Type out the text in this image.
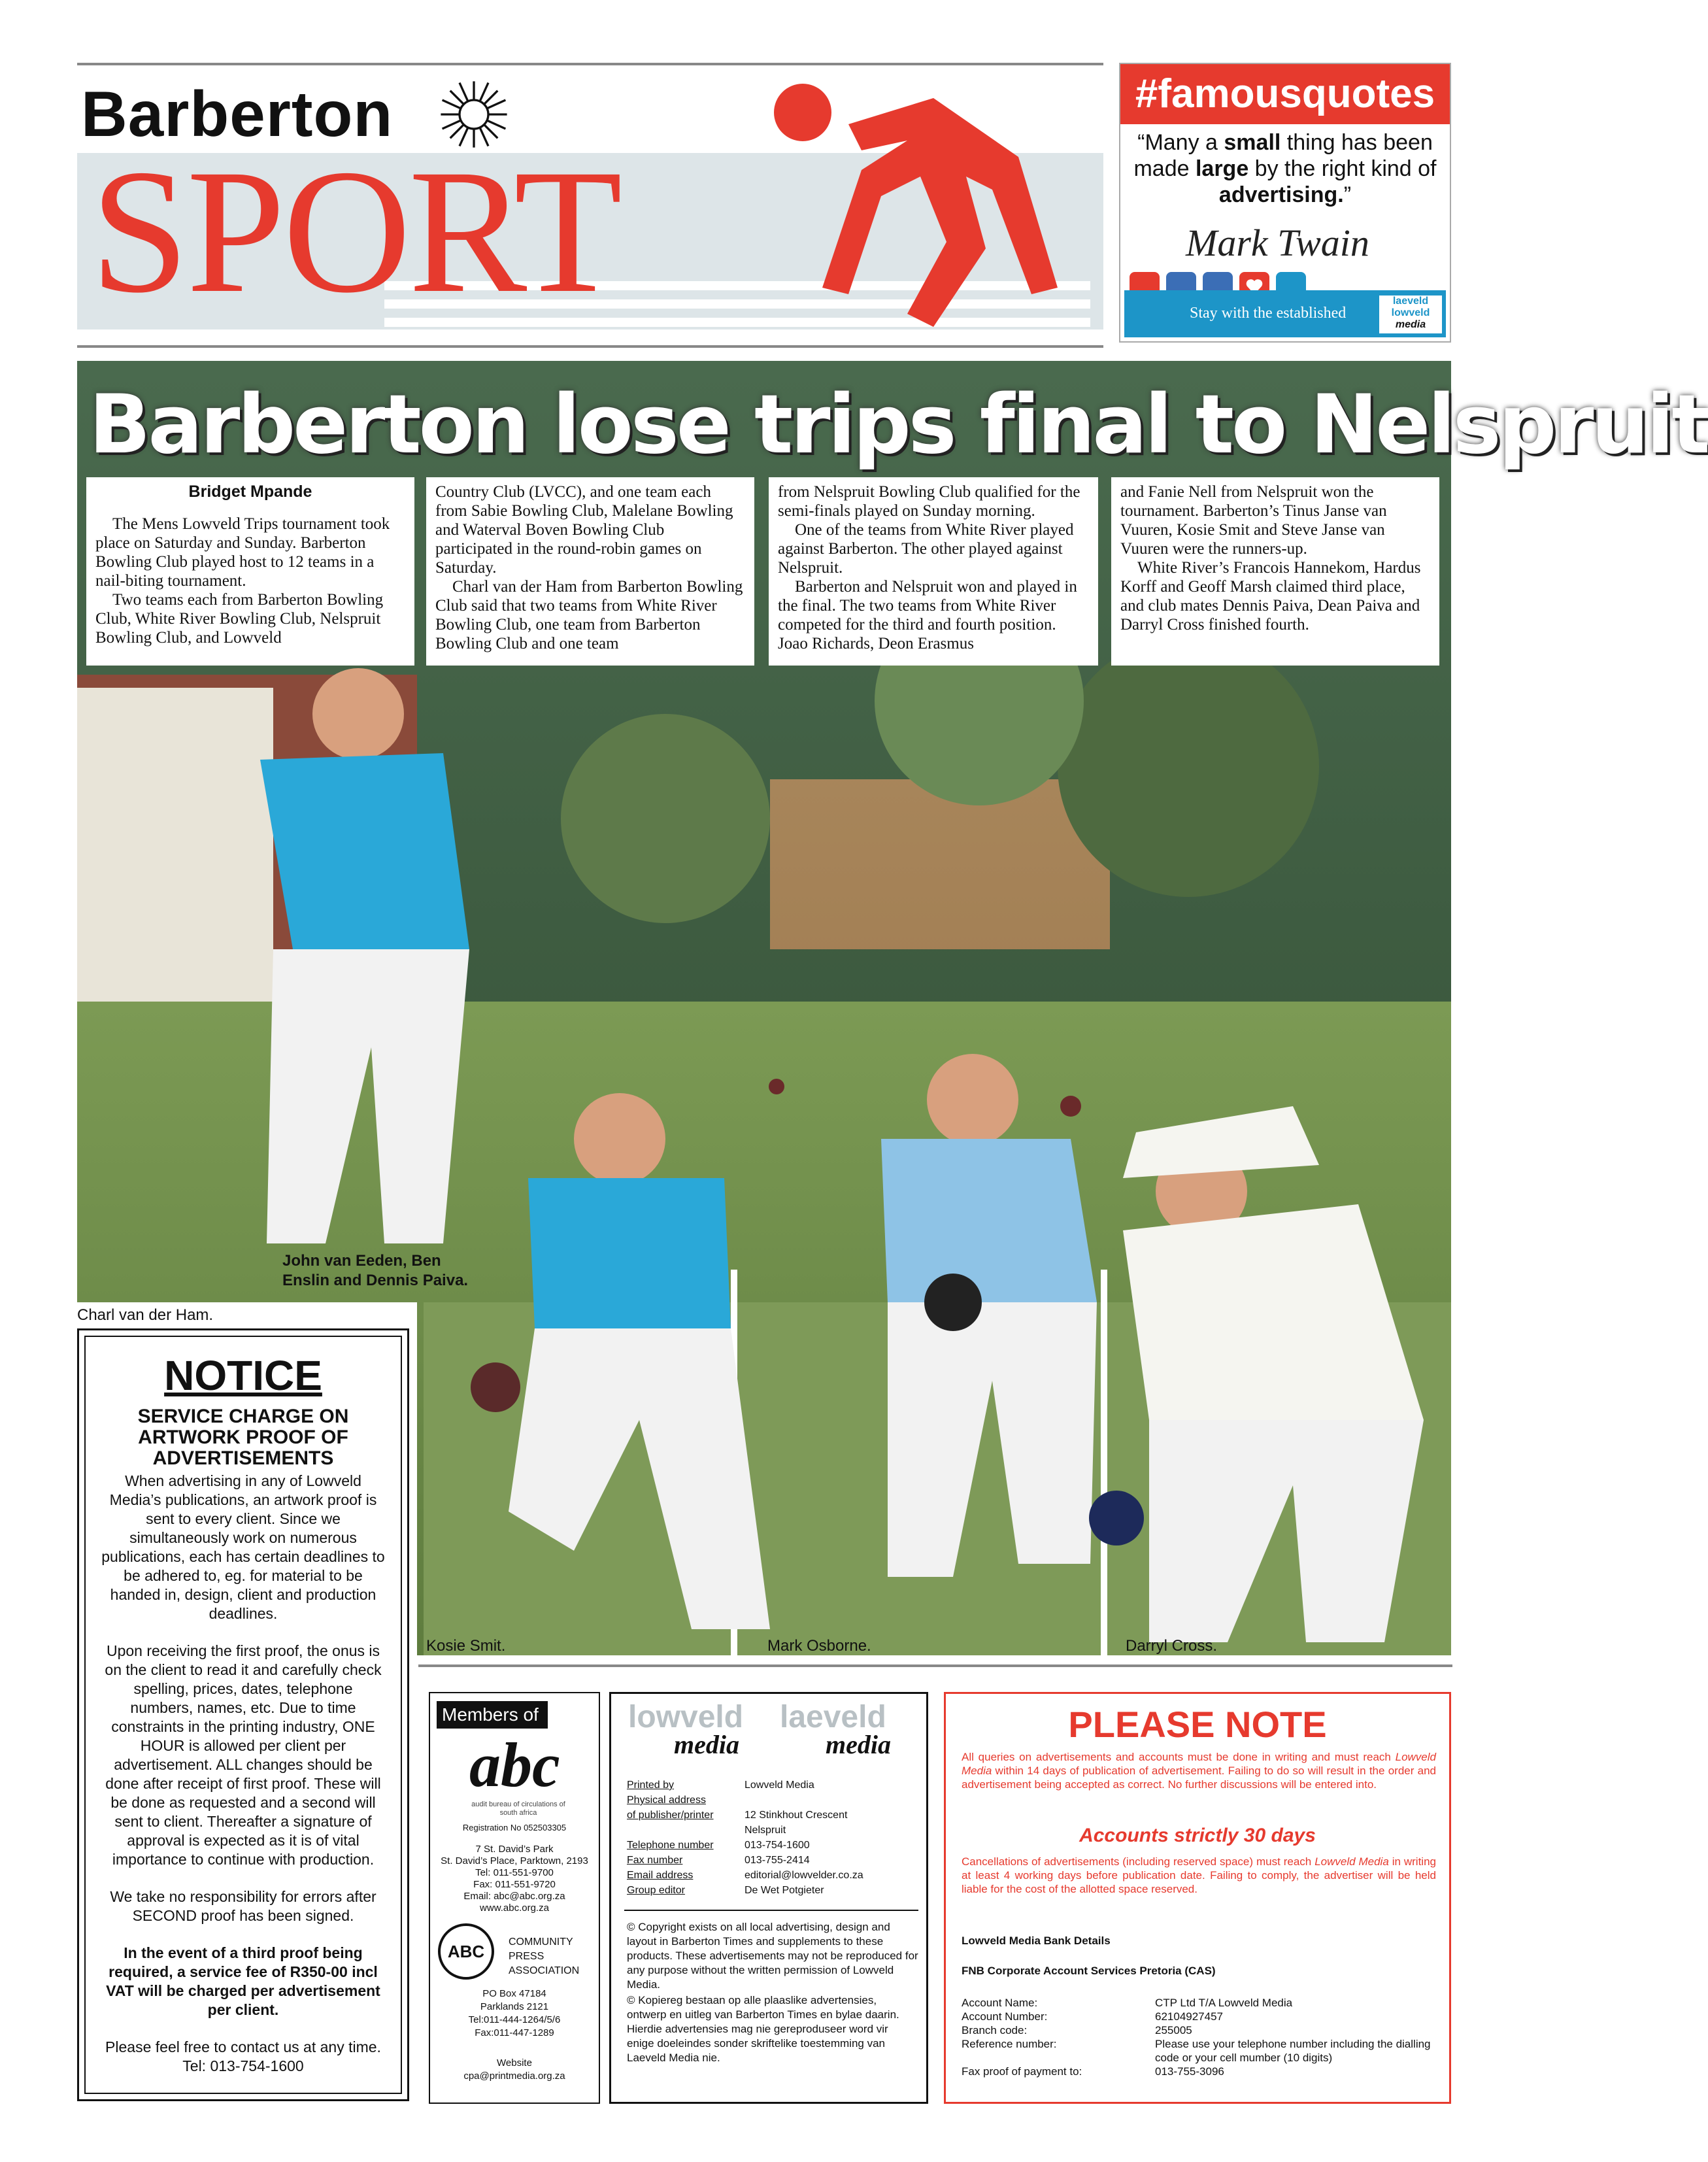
Barberton
SPORT
#famousquotes
“Many a small thing has been made large by the right kind of advertising.”
Mark Twain
Stay with the established
laeveld
lowveld
media
Barberton lose trips final to Nelspruit
Bridget Mpande

The Mens Lowveld Trips tournament took place on Saturday and Sunday. Barberton Bowling Club played host to 12 teams in a nail-biting tournament.

Two teams each from Barberton Bowling Club, White River Bowling Club, Nelspruit Bowling Club, and Lowveld

Country Club (LVCC), and one team each from Sabie Bowling Club, Malelane Bowling and Waterval Boven Bowling Club participated in the round-robin games on Saturday.

Charl van der Ham from Barberton Bowling Club said that two teams from White River Bowling Club, one team from Barberton Bowling Club and one team

from Nelspruit Bowling Club qualified for the semi-finals played on Sunday morning.

One of the teams from White River played against Barberton. The other played against Nelspruit.

Barberton and Nelspruit won and played in the final. The two teams from White River competed for the third and fourth position. Joao Richards, Deon Erasmus

and Fanie Nell from Nelspruit won the tournament. Barberton’s Tinus Janse van Vuuren, Kosie Smit and Steve Janse van Vuuren were the runners-up.

White River’s Francois Hannekom, Hardus Korff and Geoff Marsh claimed third place, and club mates Dennis Paiva, Dean Paiva and Darryl Cross finished fourth.

John van Eeden, Ben Enslin and Dennis Paiva.
Charl van der Ham.
Kosie Smit.	Mark Osborne.	Darryl Cross.
NOTICE
SERVICE CHARGE ON ARTWORK PROOF OF ADVERTISEMENTS
When advertising in any of Lowveld Media’s publications, an artwork proof is sent to every client. Since we simultaneously work on numerous publications, each has certain deadlines to be adhered to, eg. for material to be handed in, design, client and production deadlines.
Upon receiving the first proof, the onus is on the client to read it and carefully check spelling, prices, dates, telephone numbers, names, etc. Due to time constraints in the printing industry, ONE HOUR is allowed per client per advertisement. ALL changes should be done after receipt of first proof. These will be done as requested and a second will sent to client. Thereafter a signature of approval is expected as it is of vital importance to continue with production.
We take no responsibility for errors after SECOND proof has been signed.
In the event of a third proof being required, a service fee of R350-00 incl VAT will be charged per advertisement per client.
Please feel free to contact us at any time. Tel: 013-754-1600
Members of
abc
audit bureau of circulations of south africa
Registration No 052503305
7 St. David’s Park
St. David’s Place, Parktown, 2193
Tel: 011-551-9700
Fax: 011-551-9720
Email: abc@abc.org.za
www.abc.org.za
ABC	COMMUNITY PRESS ASSOCIATION
PO Box 47184
Parklands 2121
Tel:011-444-1264/5/6
Fax:011-447-1289
Website
cpa@printmedia.org.za
lowveld
media
laeveld
media
Printed by	Lowveld Media
Physical address
of publisher/printer	12 Stinkhout Crescent
Nelspruit
Telephone number	013-754-1600
Fax number	013-755-2414
Email address	editorial@lowvelder.co.za
Group editor	De Wet Potgieter
© Copyright exists on all local advertising, design and layout in Barberton Times and supplements to these products. These advertisements may not be reproduced for any purpose without the written permission of Lowveld Media.
© Kopiereg bestaan op alle plaaslike advertensies, ontwerp en uitleg van Barberton Times en bylae daarin. Hierdie advertensies mag nie gereproduseer word vir enige doeleindes sonder skriftelike toestemming van Laeveld Media nie.
PLEASE NOTE
All queries on advertisements and accounts must be done in writing and must reach Lowveld Media within 14 days of publication of advertisement. Failing to do so will result in the order and advertisement being accepted as correct. No further discussions will be entered into.
Accounts strictly 30 days
Cancellations of advertisements (including reserved space) must reach Lowveld Media in writing at least 4 working days before publication date. Failing to comply, the advertiser will be held liable for the cost of the allotted space reserved.
Lowveld Media Bank Details
FNB Corporate Account Services Pretoria (CAS)
Account Name:	CTP Ltd T/A Lowveld Media
Account Number:	62104927457
Branch code:	255005
Reference number:	Please use your telephone number including the dialling code or your cell mumber (10 digits)
Fax proof of payment to:	013-755-3096
